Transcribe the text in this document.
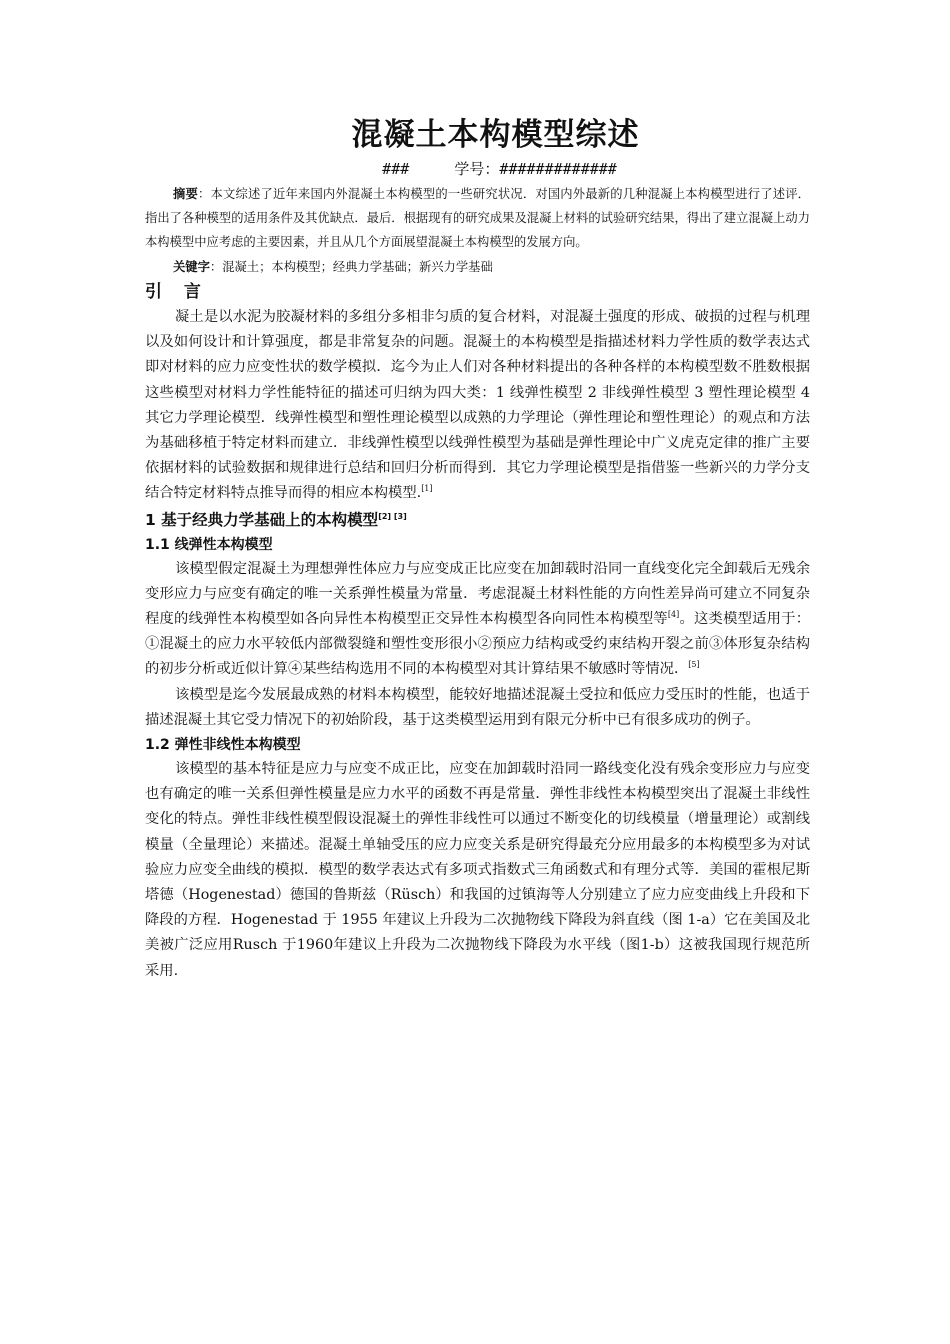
混凝土本构模型综述
###     学号：#############

摘要：本文综述了近年来国内外混凝土本构模型的一些研究状况．对国内外最新的几种混凝上本构模型进行了述评．指出了各种模型的适用条件及其优缺点．最后．根据现有的研究成果及混凝上材料的试验研究结果，得出了建立混凝上动力本构模型中应考虑的主要因素，并且从几个方面展望混凝土本构模型的发展方向。

关键字：混凝土；本构模型；经典力学基础；新兴力学基础

引 言

凝土是以水泥为胶凝材料的多组分多相非匀质的复合材料，对混凝土强度的形成、破损的过程与机理以及如何设计和计算强度，都是非常复杂的问题。混凝土的本构模型是指描述材料力学性质的数学表达式即对材料的应力应变性状的数学模拟．迄今为止人们对各种材料提出的各种各样的本构模型数不胜数根据这些模型对材料力学性能特征的描述可归纳为四大类：1 线弹性模型 2 非线弹性模型 3 塑性理论模型 4 其它力学理论模型．线弹性模型和塑性理论模型以成熟的力学理论（弹性理论和塑性理论）的观点和方法为基础移植于特定材料而建立．非线弹性模型以线弹性模型为基础是弹性理论中广义虎克定律的推广主要依据材料的试验数据和规律进行总结和回归分析而得到．其它力学理论模型是指借鉴一些新兴的力学分支结合特定材料特点推导而得的相应本构模型.[1]

1 基于经典力学基础上的本构模型[2] [3]
1.1 线弹性本构模型

该模型假定混凝土为理想弹性体应力与应变成正比应变在加卸载时沿同一直线变化完全卸载后无残余变形应力与应变有确定的唯一关系弹性模量为常量．考虑混凝土材料性能的方向性差异尚可建立不同复杂程度的线弹性本构模型如各向异性本构模型正交异性本构模型各向同性本构模型等[4]。这类模型适用于：①混凝土的应力水平较低内部微裂缝和塑性变形很小②预应力结构或受约束结构开裂之前③体形复杂结构的初步分析或近似计算④某些结构选用不同的本构模型对其计算结果不敏感时等情况．[5]

该模型是迄今发展最成熟的材料本构模型，能较好地描述混凝土受拉和低应力受压时的性能，也适于描述混凝土其它受力情况下的初始阶段，基于这类模型运用到有限元分析中已有很多成功的例子。

1.2 弹性非线性本构模型

该模型的基本特征是应力与应变不成正比，应变在加卸载时沿同一路线变化没有残余变形应力与应变也有确定的唯一关系但弹性模量是应力水平的函数不再是常量．弹性非线性本构模型突出了混凝土非线性变化的特点。弹性非线性模型假设混凝土的弹性非线性可以通过不断变化的切线模量（增量理论）或割线模量（全量理论）来描述。混凝土单轴受压的应力应变关系是研究得最充分应用最多的本构模型多为对试验应力应变全曲线的模拟．模型的数学表达式有多项式指数式三角函数式和有理分式等．美国的霍根尼斯塔德（Hogenestad）德国的鲁斯兹（Rüsch）和我国的过镇海等人分别建立了应力应变曲线上升段和下降段的方程．Hogenestad 于 1955 年建议上升段为二次抛物线下降段为斜直线（图 1-a）它在美国及北美被广泛应用Rusch 于1960年建议上升段为二次抛物线下降段为水平线（图1-b）这被我国现行规范所采用.
